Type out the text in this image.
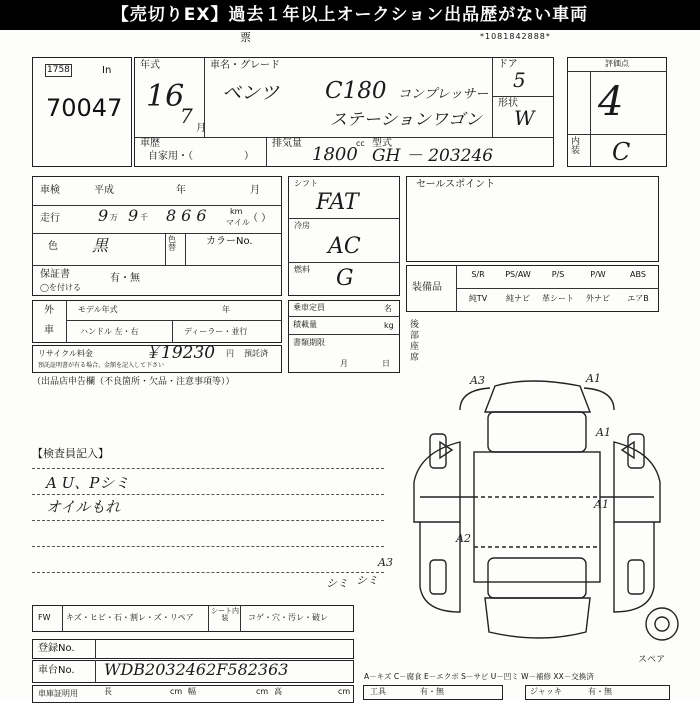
【売切りEX】過去１年以上オークション出品歴がない車両
票	*1081842888*
1758	In
70047
年式
16
7
月
車名・グレード
ベンツ C180 コンプレッサー
ステーションワゴン
ドア
5
形状
W
車歴
自家用・（	）
排気量
1800
cc 型式
GH － 203246
評価点
4
内装 C
車検	平成	年	月
走行 9 万 9 千 866 km
マイル
（ ）
色 黒	色替
カラーNo.
保証書	有・無
◯を付ける
外
車
モデル年式	年
ハンドル 左・右	ディーラー・並行
リサイクル料金	￥19230 円 預託済
預託証明書が有る場合、金額を記入して下さい
シフト
FAT
冷房
AC
燃料 G
乗車定員	名
積載量	kg
書類期限
月	日
セールスポイント
装備品
後部座席
（出品店申告欄（不良箇所・欠品・注意事項等））
【検査員記入】
A U、Pシミ
オイルもれ
FW キズ・ヒビ・石・割レ・ズ・リペア
シート内装	コゲ・穴・汚レ・破レ
シミ
登録No.
車台No. WDB2032462F582363
車庫証明用	長	cm 幅	cm 高	cm
A3	A1
A1
A1
A2
A3
シミ
スペア
A－キズ C－腐食 E－エクボ S－サビ U－凹ミ W－補修 XX－交換済
工具	有・無	ジャッキ	有・無
S/R	PS/AW	P/S	P/W	ABS
純TV	純ナビ	革シート	外ナビ	エアB
